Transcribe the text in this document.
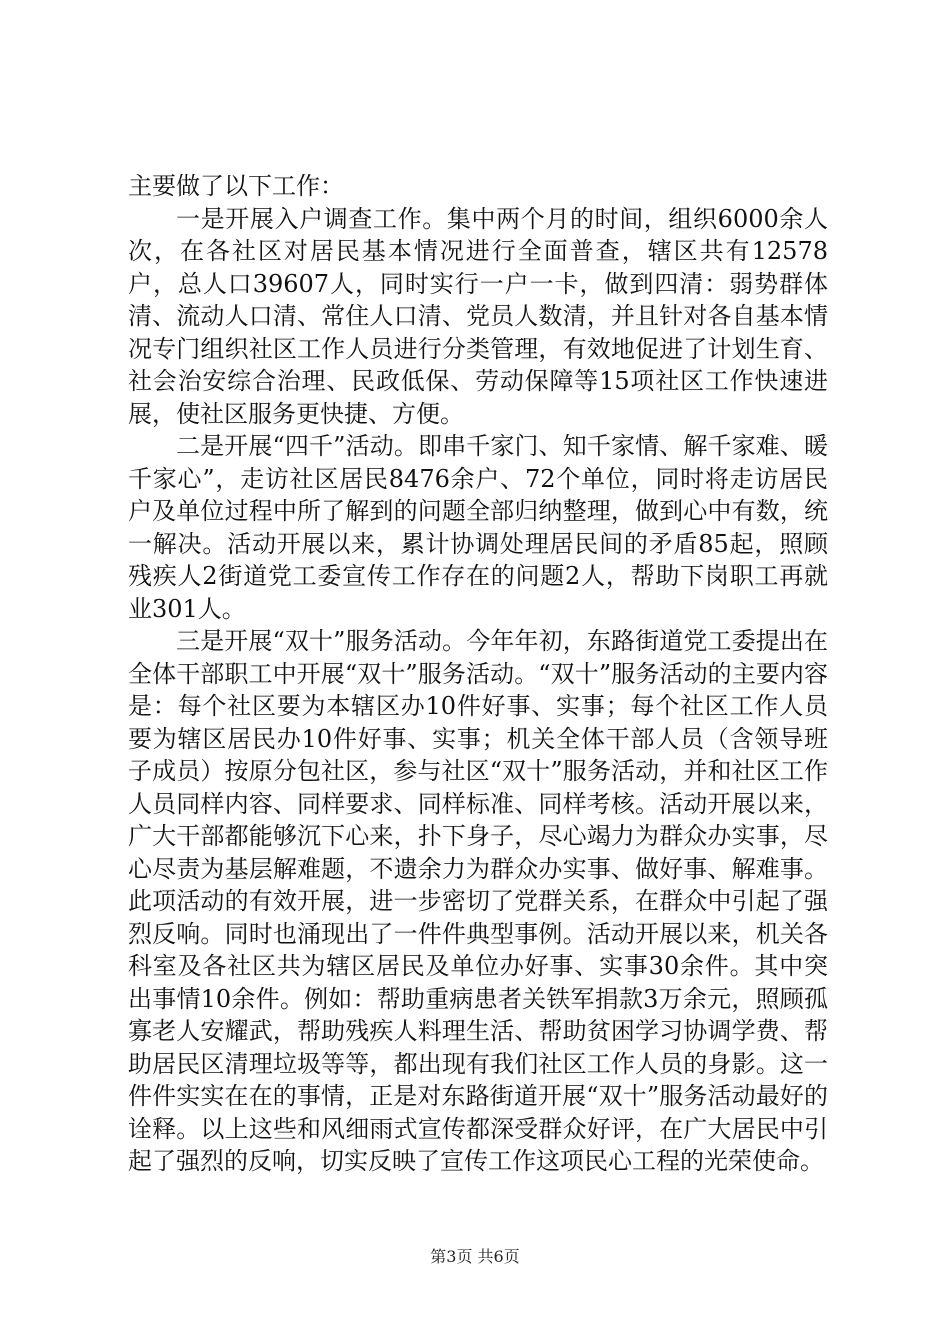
主要做了以下工作：

一是开展入户调查工作。集中两个月的时间，组织6000余人次，在各社区对居民基本情况进行全面普查，辖区共有12578户，总人口39607人，同时实行一户一卡，做到四清：弱势群体清、流动人口清、常住人口清、党员人数清，并且针对各自基本情况专门组织社区工作人员进行分类管理，有效地促进了计划生育、社会治安综合治理、民政低保、劳动保障等15项社区工作快速进展，使社区服务更快捷、方便。

二是开展“四千”活动。即串千家门、知千家情、解千家难、暖千家心”，走访社区居民8476余户、72个单位，同时将走访居民户及单位过程中所了解到的问题全部归纳整理，做到心中有数，统一解决。活动开展以来，累计协调处理居民间的矛盾85起，照顾残疾人2街道党工委宣传工作存在的问题2人，帮助下岗职工再就业301人。

三是开展“双十”服务活动。今年年初，东路街道党工委提出在全体干部职工中开展“双十”服务活动。“双十”服务活动的主要内容是：每个社区要为本辖区办10件好事、实事；每个社区工作人员要为辖区居民办10件好事、实事；机关全体干部人员（含领导班子成员）按原分包社区，参与社区“双十”服务活动，并和社区工作人员同样内容、同样要求、同样标准、同样考核。活动开展以来，广大干部都能够沉下心来，扑下身子，尽心竭力为群众办实事，尽心尽责为基层解难题，不遗余力为群众办实事、做好事、解难事。此项活动的有效开展，进一步密切了党群关系，在群众中引起了强烈反响。同时也涌现出了一件件典型事例。活动开展以来，机关各科室及各社区共为辖区居民及单位办好事、实事30余件。其中突出事情10余件。例如：帮助重病患者关铁军捐款3万余元，照顾孤寡老人安耀武，帮助残疾人料理生活、帮助贫困学习协调学费、帮助居民区清理垃圾等等，都出现有我们社区工作人员的身影。这一件件实实在在的事情，正是对东路街道开展“双十”服务活动最好的诠释。以上这些和风细雨式宣传都深受群众好评，在广大居民中引起了强烈的反响，切实反映了宣传工作这项民心工程的光荣使命。

第3页 共6页
